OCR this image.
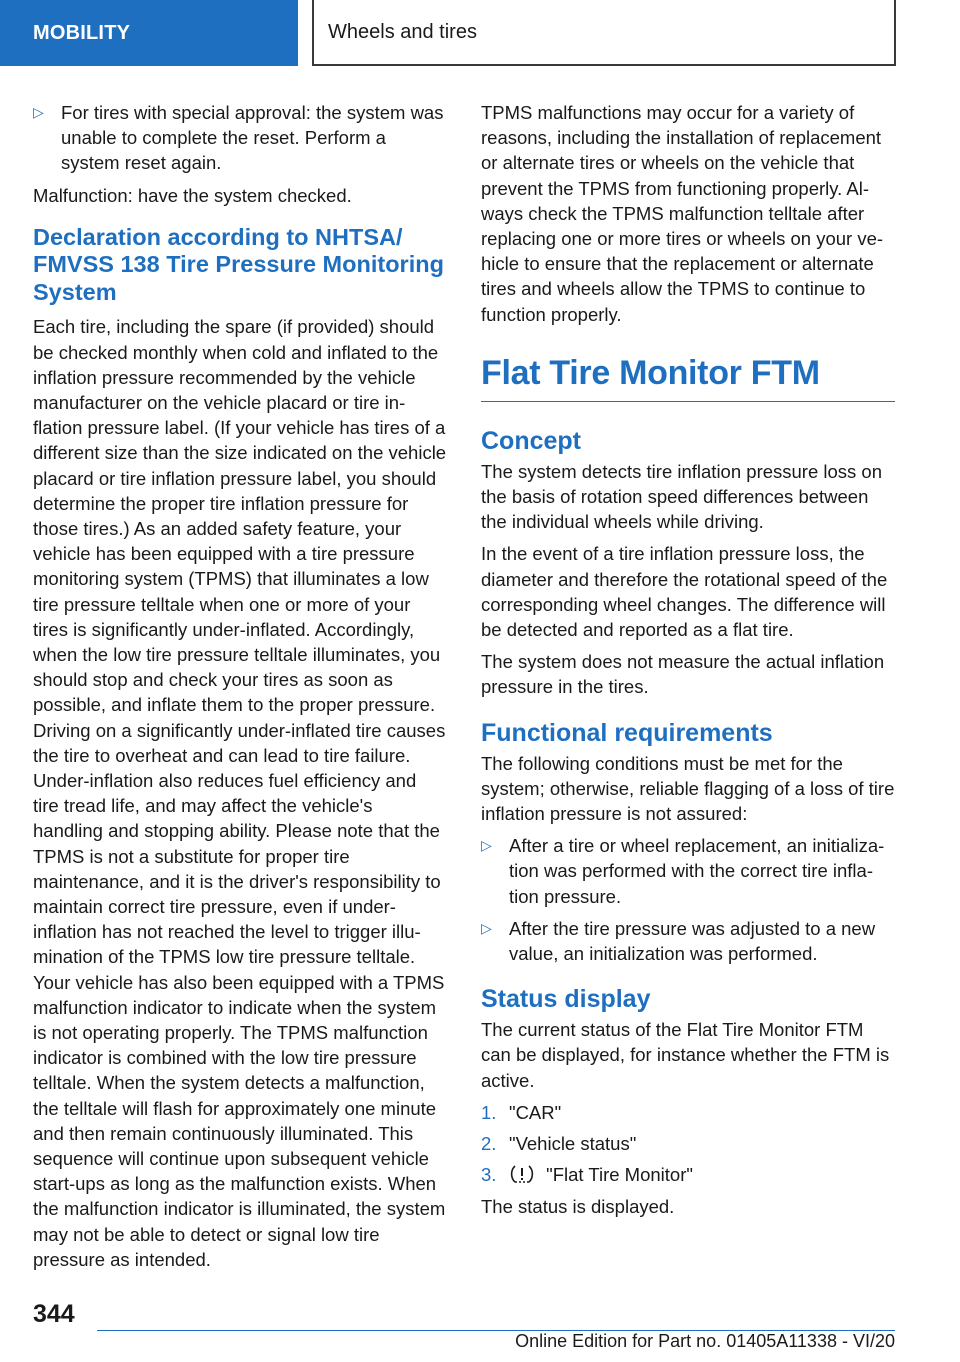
MOBILITY	Wheels and tires
▷ For tires with special approval: the system was unable to complete the reset. Perform a system reset again.

Malfunction: have the system checked.

Declaration according to NHTSA/ FMVSS 138 Tire Pressure Monitoring System

Each tire, including the spare (if provided) should be checked monthly when cold and inflated to the inflation pressure recommended by the vehicle manufacturer on the vehicle placard or tire inflation pressure label. (If your vehicle has tires of a different size than the size indicated on the vehicle placard or tire inflation pressure label, you should determine the proper tire inflation pressure for those tires.) As an added safety feature, your vehicle has been equipped with a tire pressure monitoring system (TPMS) that illuminates a low tire pressure telltale when one or more of your tires is significantly under-inflated. Accordingly, when the low tire pressure telltale illuminates, you should stop and check your tires as soon as possible, and inflate them to the proper pressure. Driving on a significantly under-inflated tire causes the tire to overheat and can lead to tire failure. Under-inflation also reduces fuel efficiency and tire tread life, and may affect the vehicle's handling and stopping ability. Please note that the TPMS is not a substitute for proper tire maintenance, and it is the driver's responsibility to maintain correct tire pressure, even if under-inflation has not reached the level to trigger illumination of the TPMS low tire pressure telltale. Your vehicle has also been equipped with a TPMS malfunction indicator to indicate when the system is not operating properly. The TPMS malfunction indicator is combined with the low tire pressure telltale. When the system detects a malfunction, the telltale will flash for approximately one minute and then remain continuously illuminated. This sequence will continue upon subsequent vehicle start-ups as long as the malfunction exists. When the malfunction indicator is illuminated, the system may not be able to detect or signal low tire pressure as intended.

TPMS malfunctions may occur for a variety of reasons, including the installation of replacement or alternate tires or wheels on the vehicle that prevent the TPMS from functioning properly. Always check the TPMS malfunction telltale after replacing one or more tires or wheels on your vehicle to ensure that the replacement or alternate tires and wheels allow the TPMS to continue to function properly.

Flat Tire Monitor FTM
Concept

The system detects tire inflation pressure loss on the basis of rotation speed differences between the individual wheels while driving.

In the event of a tire inflation pressure loss, the diameter and therefore the rotational speed of the corresponding wheel changes. The difference will be detected and reported as a flat tire.

The system does not measure the actual inflation pressure in the tires.

Functional requirements

The following conditions must be met for the system; otherwise, reliable flagging of a loss of tire inflation pressure is not assured:

▷ After a tire or wheel replacement, an initialization was performed with the correct tire inflation pressure.
▷ After the tire pressure was adjusted to a new value, an initialization was performed.
Status display

The current status of the Flat Tire Monitor FTM can be displayed, for instance whether the FTM is active.

1. "CAR"
2. "Vehicle status"
3.	"Flat Tire Monitor"

The status is displayed.

344
Online Edition for Part no. 01405A11338 - VI/20
